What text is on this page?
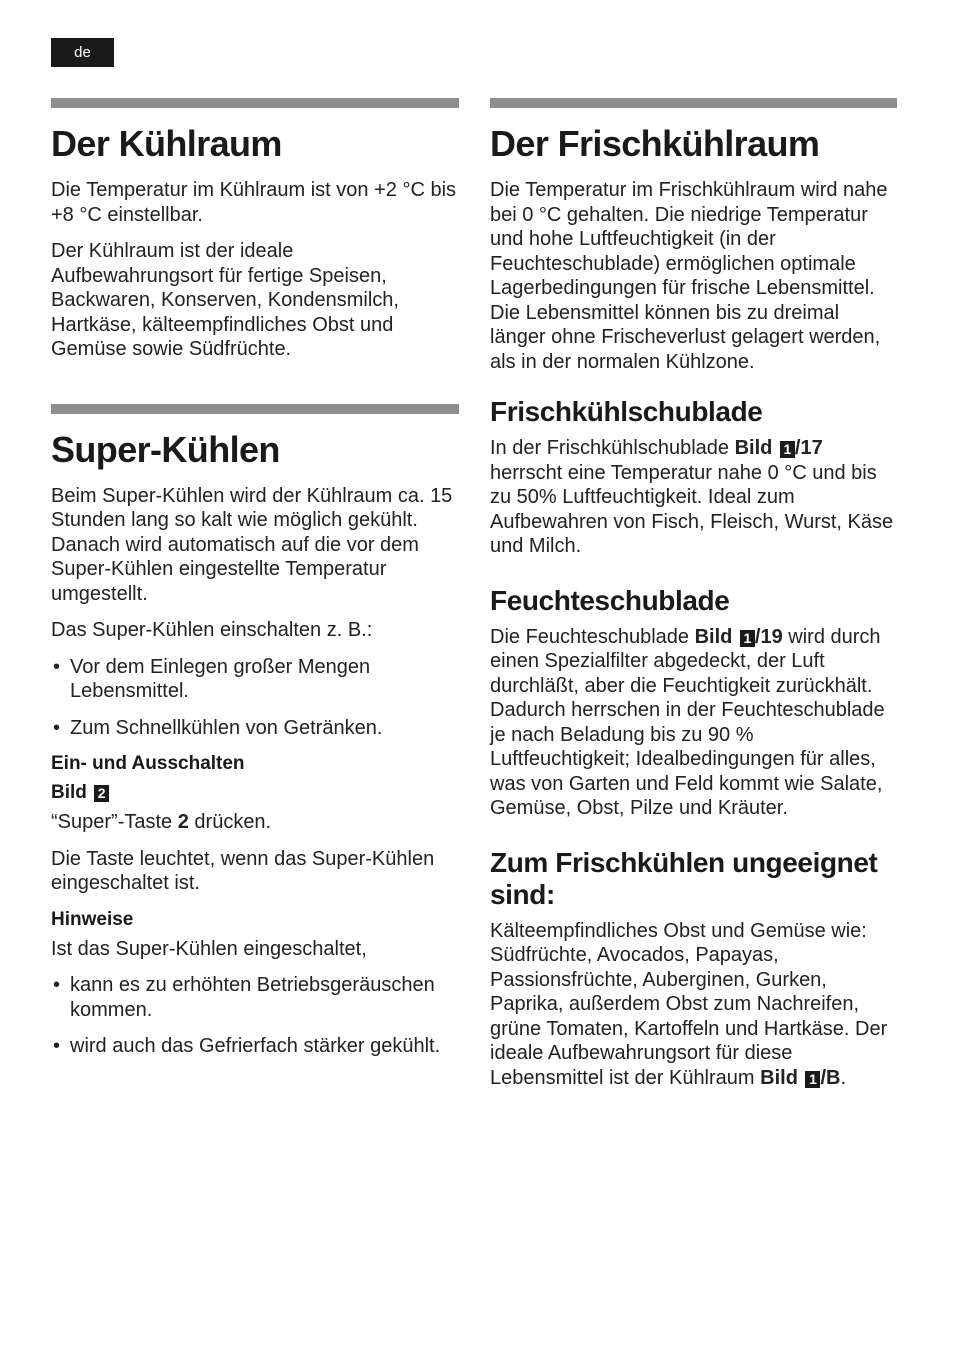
de
Der Kühlraum

Die Temperatur im Kühlraum ist von +2 °C bis +8 °C einstellbar.

Der Kühlraum ist der ideale Aufbewahrungsort für fertige Speisen, Backwaren, Konserven, Kondensmilch, Hartkäse, kälteempfindliches Obst und Gemüse sowie Südfrüchte.

Super-Kühlen

Beim Super-Kühlen wird der Kühlraum ca. 15 Stunden lang so kalt wie möglich gekühlt. Danach wird automatisch auf die vor dem Super-Kühlen eingestellte Temperatur umgestellt.

Das Super-Kühlen einschalten z. B.:

• Vor dem Einlegen großer Mengen Lebensmittel.
• Zum Schnellkühlen von Getränken.
Ein- und Ausschalten
Bild 2

“Super”-Taste 2 drücken.

Die Taste leuchtet, wenn das Super-Kühlen eingeschaltet ist.

Hinweise

Ist das Super-Kühlen eingeschaltet,

• kann es zu erhöhten Betriebsgeräuschen kommen.
• wird auch das Gefrierfach stärker gekühlt.
Der Frischkühlraum

Die Temperatur im Frischkühlraum wird nahe bei 0 °C gehalten. Die niedrige Temperatur und hohe Luftfeuchtigkeit (in der Feuchteschublade) ermöglichen optimale Lagerbedingungen für frische Lebensmittel.

Die Lebensmittel können bis zu dreimal länger ohne Frischeverlust gelagert werden, als in der normalen Kühlzone.

Frischkühlschublade

In der Frischkühlschublade Bild 1 /17 herrscht eine Temperatur nahe 0 °C und bis zu 50% Luftfeuchtigkeit. Ideal zum Aufbewahren von Fisch, Fleisch, Wurst, Käse und Milch.

Feuchteschublade

Die Feuchteschublade Bild 1 /19 wird durch einen Spezialfilter abgedeckt, der Luft durchläßt, aber die Feuchtigkeit zurückhält. Dadurch herrschen in der Feuchteschublade je nach Beladung bis zu 90 % Luftfeuchtigkeit; Idealbedingungen für alles, was von Garten und Feld kommt wie Salate, Gemüse, Obst, Pilze und Kräuter.

Zum Frischkühlen ungeeignet sind:

Kälteempfindliches Obst und Gemüse wie: Südfrüchte, Avocados, Papayas, Passionsfrüchte, Auberginen, Gurken, Paprika, außerdem Obst zum Nachreifen, grüne Tomaten, Kartoffeln und Hartkäse. Der ideale Aufbewahrungsort für diese Lebensmittel ist der Kühlraum Bild 1 /B.
